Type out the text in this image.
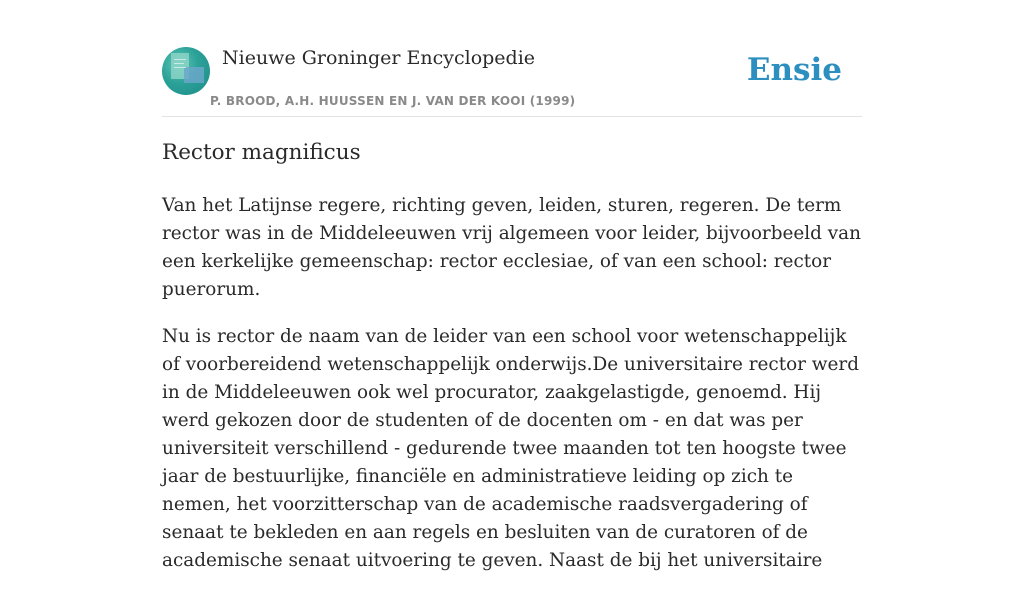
Nieuwe Groninger Encyclopedie
P. BROOD, A.H. HUUSSEN EN J. VAN DER KOOI (1999)
Ensie
Rector magnificus

Van het Latijnse regere, richting geven, leiden, sturen, regeren. De term rector was in de Middeleeuwen vrij algemeen voor leider, bijvoorbeeld van een kerkelijke gemeenschap: rector ecclesiae, of van een school: rector puerorum.

Nu is rector de naam van de leider van een school voor wetenschappelijk of voorbereidend wetenschappelijk onderwijs.De universitaire rector werd in de Middeleeuwen ook wel procurator, zaakgelastigde, genoemd. Hij werd gekozen door de studenten of de docenten om - en dat was per universiteit verschillend - gedurende twee maanden tot ten hoogste twee jaar de bestuurlijke, financiële en administratieve leiding op zich te nemen, het voorzitterschap van de academische raadsvergadering of senaat te bekleden en aan regels en besluiten van de curatoren of de academische senaat uitvoering te geven. Naast de bij het universitaire
